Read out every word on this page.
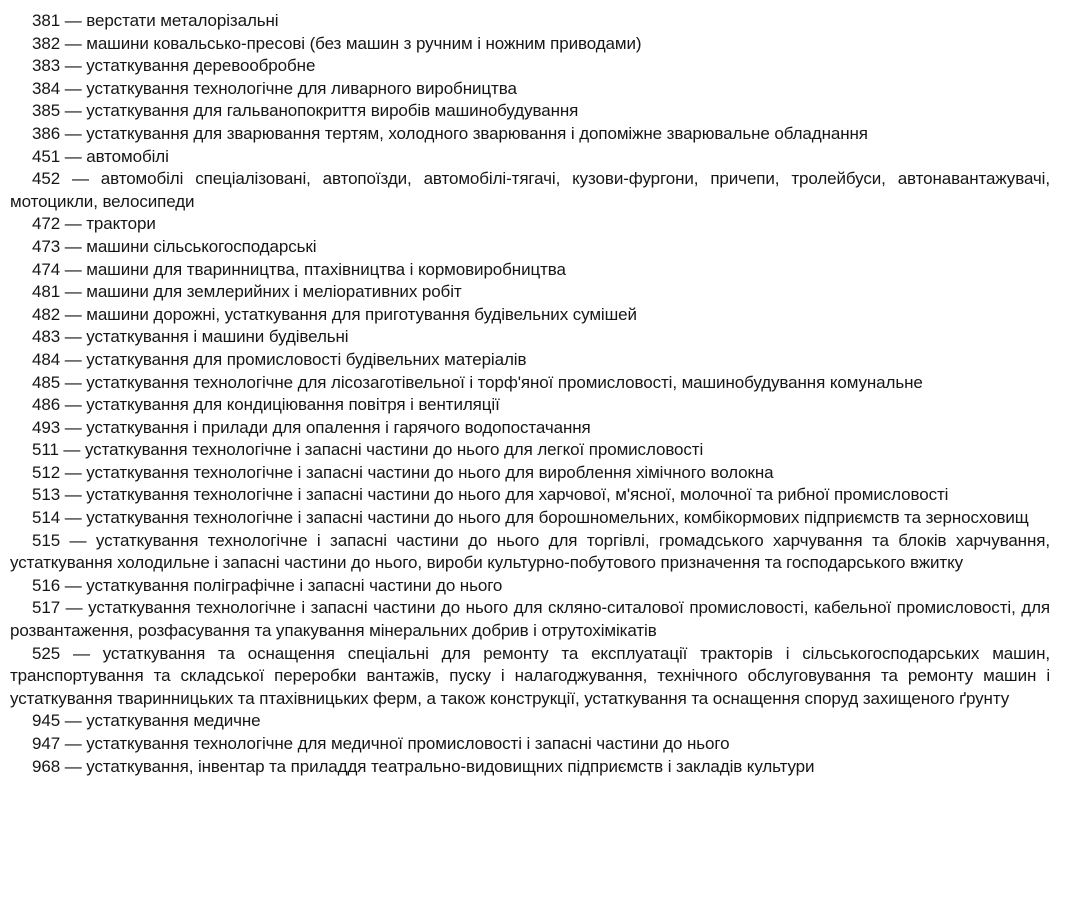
381 — верстати металорізальні

382 — машини ковальсько-пресові (без машин з ручним і ножним приводами)

383 — устаткування деревообробне

384 — устаткування технологічне для ливарного виробництва

385 — устаткування для гальванопокриття виробів машинобудування

386 — устаткування для зварювання тертям, холодного зварювання і допоміжне зварювальне обладнання

451 — автомобілі

452 — автомобілі спеціалізовані, автопоїзди, автомобілі-тягачі, кузови-фургони, причепи, тролейбуси, автонавантажувачі, мотоцикли, велосипеди

472 — трактори

473 — машини сільськогосподарські

474 — машини для тваринництва, птахівництва і кормовиробництва

481 — машини для землерийних і меліоративних робіт

482 — машини дорожні, устаткування для приготування будівельних сумішей

483 — устаткування і машини будівельні

484 — устаткування для промисловості будівельних матеріалів

485 — устаткування технологічне для лісозаготівельної і торф'яної промисловості, машинобудування комунальне

486 — устаткування для кондиціювання повітря і вентиляції

493 — устаткування і прилади для опалення і гарячого водопостачання

511 — устаткування технологічне і запасні частини до нього для легкої промисловості

512 — устаткування технологічне і запасні частини до нього для вироблення хімічного волокна

513 — устаткування технологічне і запасні частини до нього для харчової, м'ясної, молочної та рибної промисловості

514 — устаткування технологічне і запасні частини до нього для борошномельних, комбікормових підприємств та зерносховищ

515 — устаткування технологічне і запасні частини до нього для торгівлі, громадського харчування та блоків харчування, устаткування холодильне і запасні частини до нього, вироби культурно-побутового призначення та господарського вжитку

516 — устаткування поліграфічне і запасні частини до нього

517 — устаткування технологічне і запасні частини до нього для скляно-ситалової промисловості, кабельної промисловості, для розвантаження, розфасування та упакування мінеральних добрив і отрутохімікатів

525 — устаткування та оснащення спеціальні для ремонту та експлуатації тракторів і сільськогосподарських машин, транспортування та складської переробки вантажів, пуску і налагоджування, технічного обслуговування та ремонту машин і устаткування тваринницьких та птахівницьких ферм, а також конструкції, устаткування та оснащення споруд захищеного ґрунту

945 — устаткування медичне

947 — устаткування технологічне для медичної промисловості і запасні частини до нього

968 — устаткування, інвентар та приладдя театрально-видовищних підприємств і закладів культури
